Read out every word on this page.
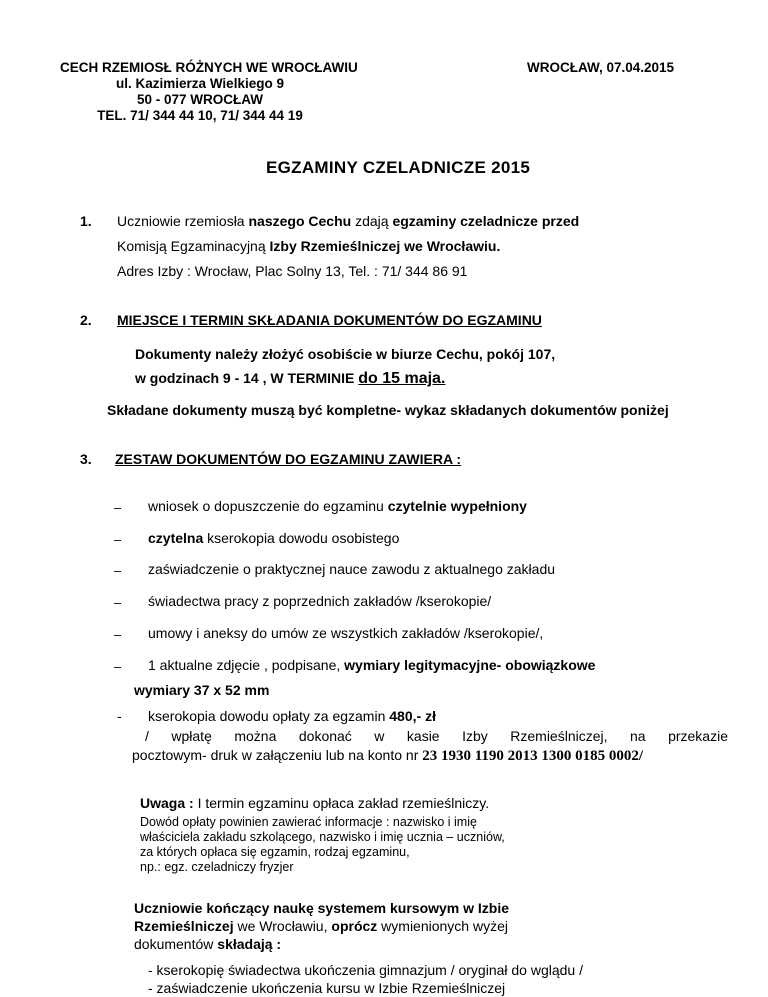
CECH RZEMIOSŁ RÓŻNYCH WE WROCŁAWIU
ul. Kazimierza Wielkiego 9
50 - 077 WROCŁAW
TEL. 71/ 344 44 10, 71/ 344 44 19
WROCŁAW, 07.04.2015
EGZAMINY CZELADNICZE 2015
1. Uczniowie rzemiosła naszego Cechu zdają egzaminy czeladnicze przed
Komisją Egzaminacyjną Izby Rzemieślniczej we Wrocławiu.
Adres Izby : Wrocław, Plac Solny 13, Tel. : 71/ 344 86 91
2. MIEJSCE I TERMIN SKŁADANIA DOKUMENTÓW DO EGZAMINU
Dokumenty należy złożyć osobiście w biurze Cechu, pokój 107,
w godzinach 9 - 14 , W TERMINIE do 15 maja.
Składane dokumenty muszą być kompletne- wykaz składanych dokumentów poniżej
3. ZESTAW DOKUMENTÓW DO EGZAMINU ZAWIERA :
– wniosek o dopuszczenie do egzaminu czytelnie wypełniony
– czytelna kserokopia dowodu osobistego
– zaświadczenie o praktycznej nauce zawodu z aktualnego zakładu
– świadectwa pracy z poprzednich zakładów /kserokopie/
– umowy i aneksy do umów ze wszystkich zakładów /kserokopie/,
– 1 aktualne zdjęcie , podpisane, wymiary legitymacyjne- obowiązkowe
wymiary 37 x 52 mm
- kserokopia dowodu opłaty za egzamin 480,- zł
/ wpłatę można dokonać w kasie Izby Rzemieślniczej, na przekazie
pocztowym- druk w załączeniu lub na konto nr 23 1930 1190 2013 1300 0185 0002/
Uwaga : I termin egzaminu opłaca zakład rzemieślniczy.
Dowód opłaty powinien zawierać informacje : nazwisko i imię
właściciela zakładu szkolącego, nazwisko i imię ucznia – uczniów,
za których opłaca się egzamin, rodzaj egzaminu,
np.: egz. czeladniczy fryzjer
Uczniowie kończący naukę systemem kursowym w Izbie
Rzemieślniczej we Wrocławiu, oprócz wymienionych wyżej
dokumentów składają :
- kserokopię świadectwa ukończenia gimnazjum / oryginał do wglądu /
- zaświadczenie ukończenia kursu w Izbie Rzemieślniczej
